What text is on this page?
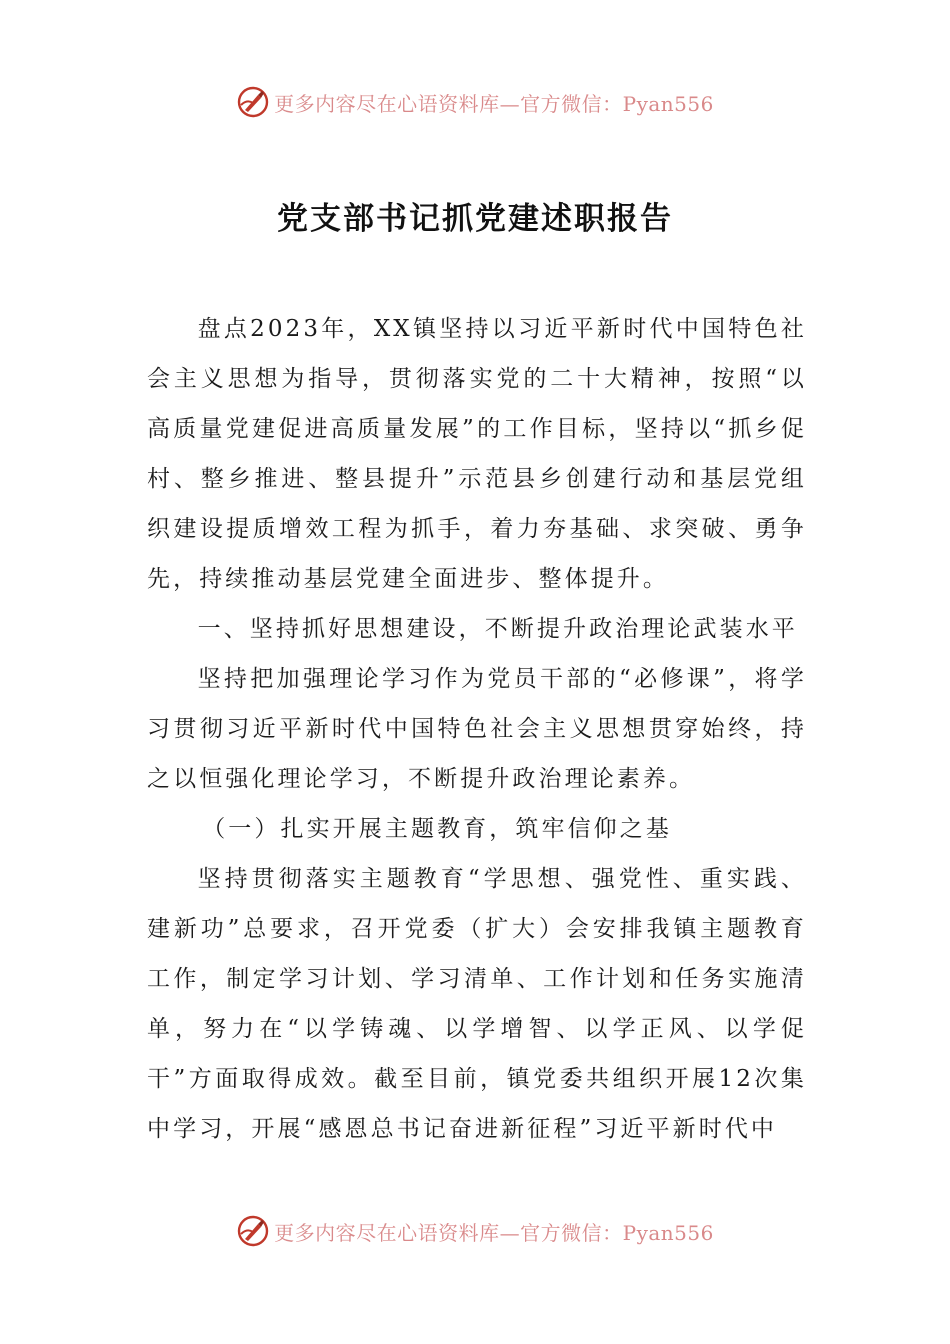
更多内容尽在心语资料库—官方微信：Pyan556
党支部书记抓党建述职报告

盘点2023年，XX镇坚持以习近平新时代中国特色社会主义思想为指导，贯彻落实党的二十大精神，按照“以高质量党建促进高质量发展”的工作目标，坚持以“抓乡促村、整乡推进、整县提升”示范县乡创建行动和基层党组织建设提质增效工程为抓手，着力夯基础、求突破、勇争先，持续推动基层党建全面进步、整体提升。

一、坚持抓好思想建设，不断提升政治理论武装水平

坚持把加强理论学习作为党员干部的“必修课”，将学习贯彻习近平新时代中国特色社会主义思想贯穿始终，持之以恒强化理论学习，不断提升政治理论素养。

（一）扎实开展主题教育，筑牢信仰之基

坚持贯彻落实主题教育“学思想、强党性、重实践、建新功”总要求，召开党委（扩大）会安排我镇主题教育工作，制定学习计划、学习清单、工作计划和任务实施清单，努力在“以学铸魂、以学增智、以学正风、以学促干”方面取得成效。截至目前，镇党委共组织开展12次集中学习，开展“感恩总书记奋进新征程”习近平新时代中

更多内容尽在心语资料库—官方微信：Pyan556
